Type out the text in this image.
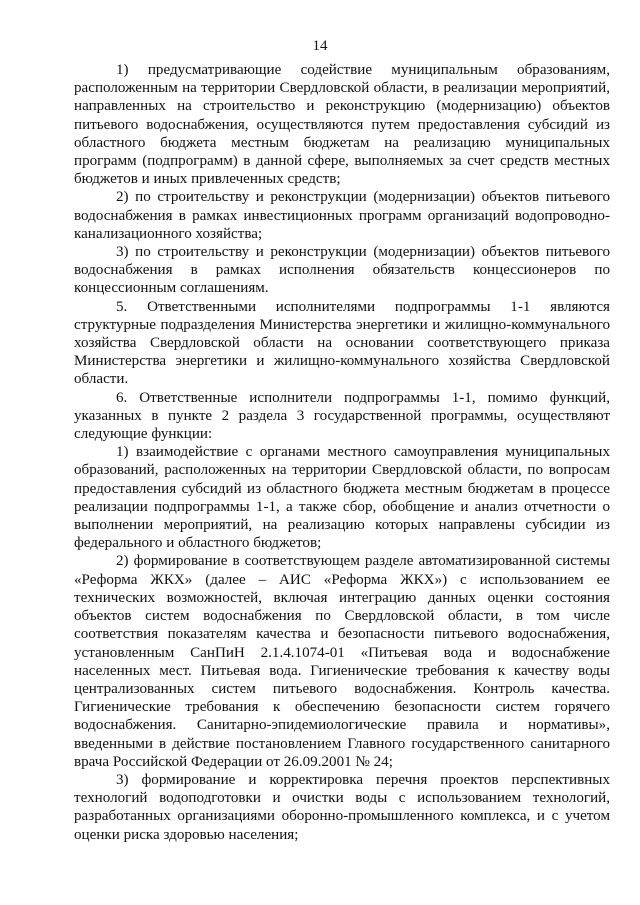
14

1) предусматривающие содействие муниципальным образованиям, расположенным на территории Свердловской области, в реализации мероприятий, направленных на строительство и реконструкцию (модернизацию) объектов питьевого водоснабжения, осуществляются путем предоставления субсидий из областного бюджета местным бюджетам на реализацию муниципальных программ (подпрограмм) в данной сфере, выполняемых за счет средств местных бюджетов и иных привлеченных средств;

2) по строительству и реконструкции (модернизации) объектов питьевого водоснабжения в рамках инвестиционных программ организаций водопроводно-канализационного хозяйства;

3) по строительству и реконструкции (модернизации) объектов питьевого водоснабжения в рамках исполнения обязательств концессионеров по концессионным соглашениям.

5. Ответственными исполнителями подпрограммы 1-1 являются структурные подразделения Министерства энергетики и жилищно-коммунального хозяйства Свердловской области на основании соответствующего приказа Министерства энергетики и жилищно-коммунального хозяйства Свердловской области.

6. Ответственные исполнители подпрограммы 1-1, помимо функций, указанных в пункте 2 раздела 3 государственной программы, осуществляют следующие функции:

1) взаимодействие с органами местного самоуправления муниципальных образований, расположенных на территории Свердловской области, по вопросам предоставления субсидий из областного бюджета местным бюджетам в процессе реализации подпрограммы 1-1, а также сбор, обобщение и анализ отчетности о выполнении мероприятий, на реализацию которых направлены субсидии из федерального и областного бюджетов;

2) формирование в соответствующем разделе автоматизированной системы «Реформа ЖКХ» (далее – АИС «Реформа ЖКХ») с использованием ее технических возможностей, включая интеграцию данных оценки состояния объектов систем водоснабжения по Свердловской области, в том числе соответствия показателям качества и безопасности питьевого водоснабжения, установленным СанПиН 2.1.4.1074-01 «Питьевая вода и водоснабжение населенных мест. Питьевая вода. Гигиенические требования к качеству воды централизованных систем питьевого водоснабжения. Контроль качества. Гигиенические требования к обеспечению безопасности систем горячего водоснабжения. Санитарно-эпидемиологические правила и нормативы», введенными в действие постановлением Главного государственного санитарного врача Российской Федерации от 26.09.2001 № 24;

3) формирование и корректировка перечня проектов перспективных технологий водоподготовки и очистки воды с использованием технологий, разработанных организациями оборонно-промышленного комплекса, и с учетом оценки риска здоровью населения;
